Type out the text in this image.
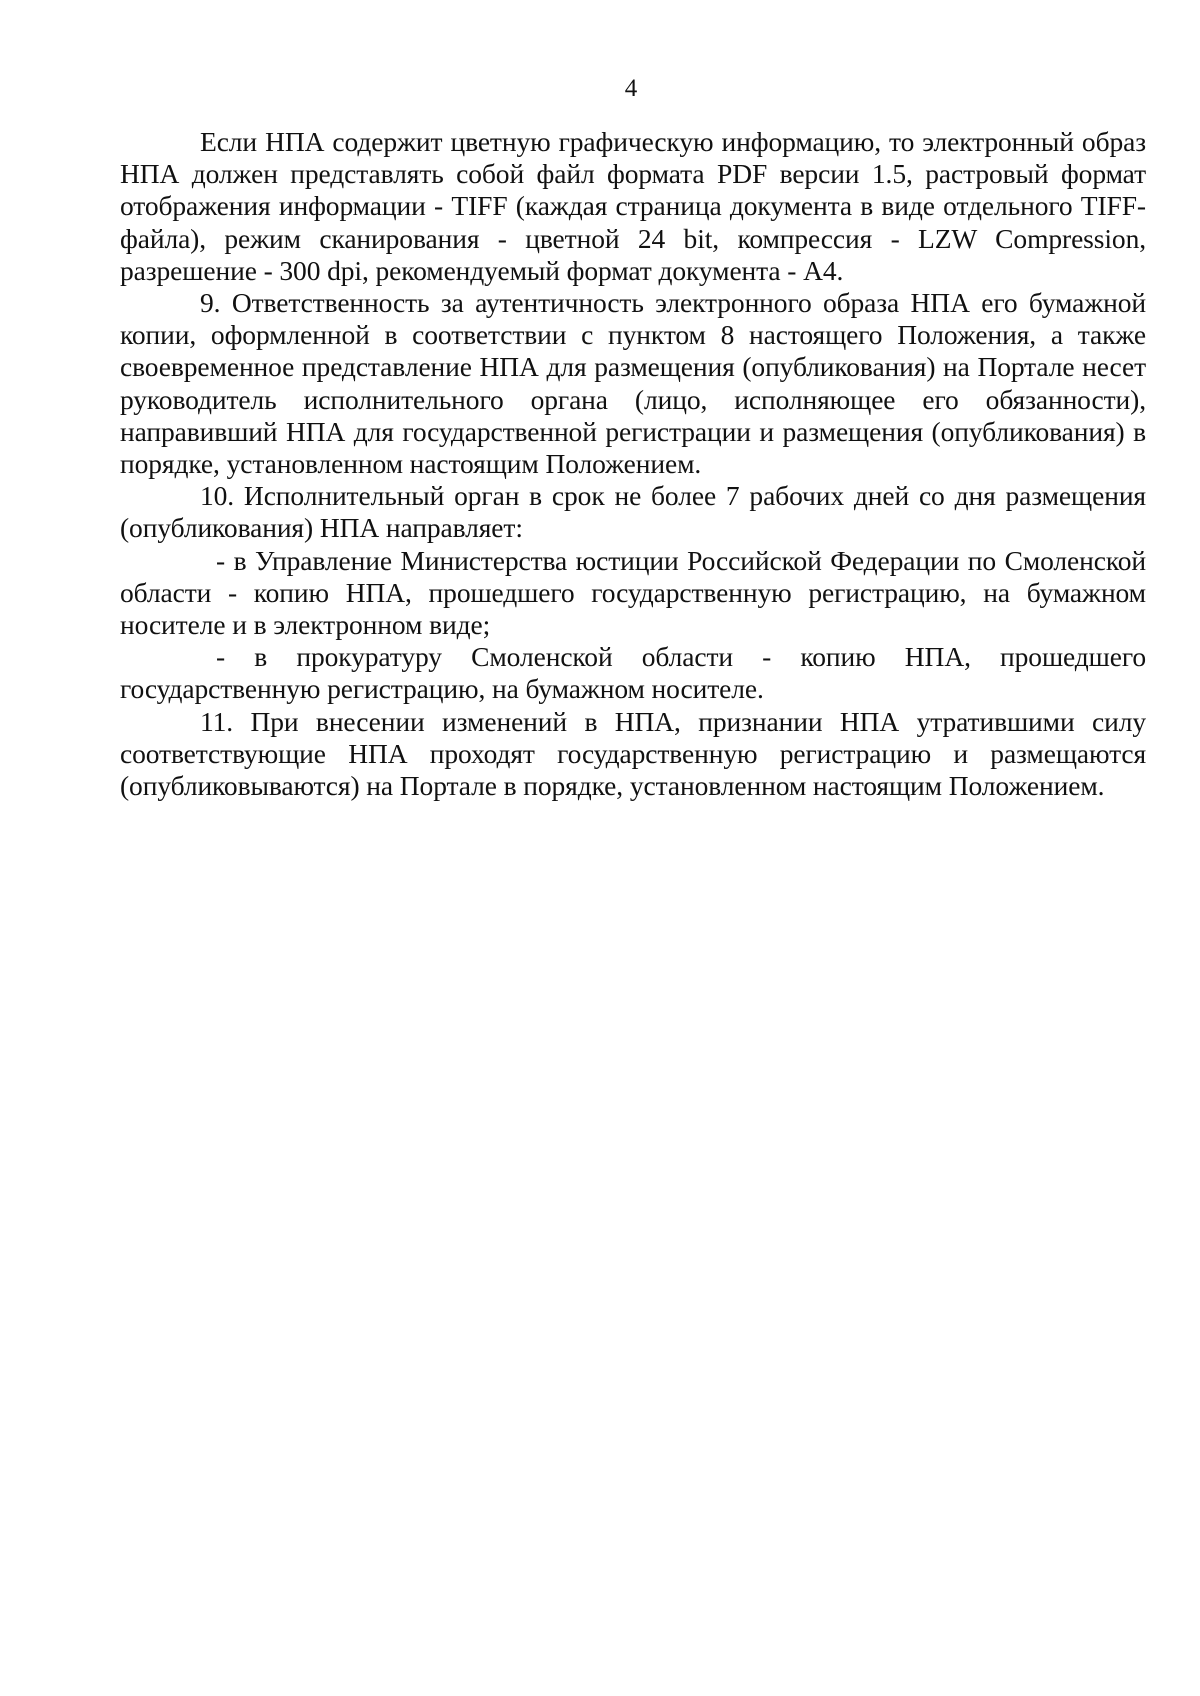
4

Если НПА содержит цветную графическую информацию, то электронный образ НПА должен представлять собой файл формата PDF версии 1.5, растровый формат отображения информации - TIFF (каждая страница документа в виде отдельного TIFF-файла), режим сканирования - цветной 24 bit, компрессия - LZW Compression, разрешение - 300 dpi, рекомендуемый формат документа - А4.

9. Ответственность за аутентичность электронного образа НПА его бумажной копии, оформленной в соответствии с пунктом 8 настоящего Положения, а также своевременное представление НПА для размещения (опубликования) на Портале несет руководитель исполнительного органа (лицо, исполняющее его обязанности), направивший НПА для государственной регистрации и размещения (опубликования) в порядке, установленном настоящим Положением.

10. Исполнительный орган в срок не более 7 рабочих дней со дня размещения (опубликования) НПА направляет:

- в Управление Министерства юстиции Российской Федерации по Смоленской области - копию НПА, прошедшего государственную регистрацию, на бумажном носителе и в электронном виде;

- в прокуратуру Смоленской области - копию НПА, прошедшего государственную регистрацию, на бумажном носителе.

11. При внесении изменений в НПА, признании НПА утратившими силу соответствующие НПА проходят государственную регистрацию и размещаются (опубликовываются) на Портале в порядке, установленном настоящим Положением.
